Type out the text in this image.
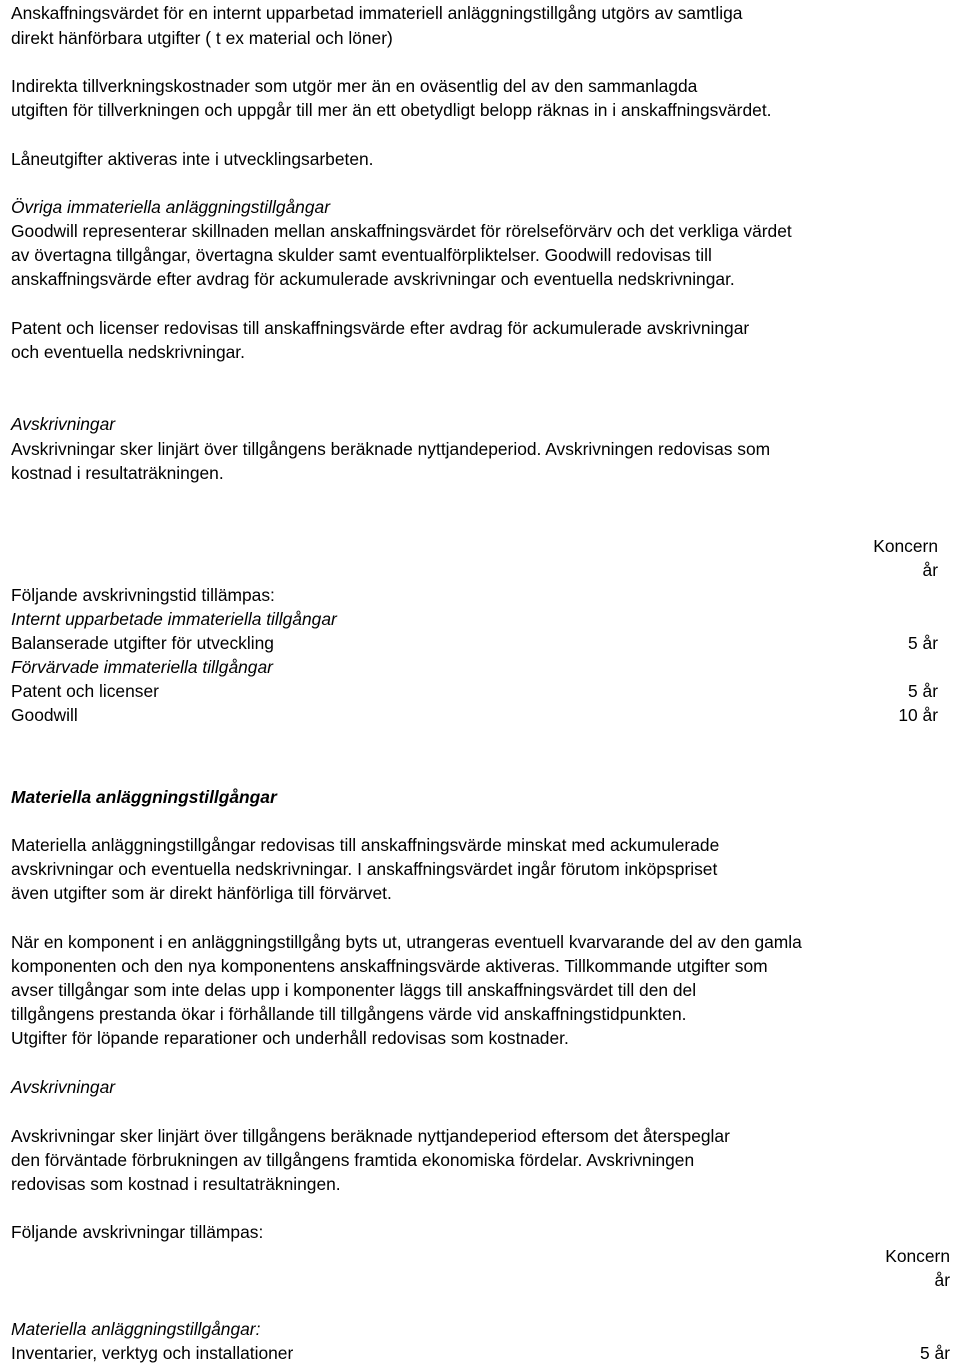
Anskaffningsvärdet för en internt upparbetad immateriell anläggningstillgång utgörs av samtliga
direkt hänförbara utgifter ( t ex material och löner)
Indirekta tillverkningskostnader som utgör mer än en oväsentlig del av den sammanlagda
utgiften för tillverkningen och uppgår till mer än ett obetydligt belopp räknas in i anskaffningsvärdet.
Låneutgifter aktiveras inte i utvecklingsarbeten.
Övriga immateriella anläggningstillgångar
Goodwill representerar skillnaden mellan anskaffningsvärdet för rörelseförvärv och det verkliga värdet
av övertagna tillgångar, övertagna skulder samt eventualförpliktelser. Goodwill redovisas till
anskaffningsvärde efter avdrag för ackumulerade avskrivningar och eventuella nedskrivningar.
Patent och licenser redovisas till anskaffningsvärde efter avdrag för ackumulerade avskrivningar
och eventuella nedskrivningar.
Avskrivningar
Avskrivningar sker linjärt över tillgångens beräknade nyttjandeperiod. Avskrivningen redovisas som
kostnad i resultaträkningen.
Koncern
år
Följande avskrivningstid tillämpas:
Internt upparbetade immateriella tillgångar
Balanserade utgifter för utveckling	5 år
Förvärvade immateriella tillgångar
Patent och licenser	5 år
Goodwill	10 år
Materiella anläggningstillgångar
Materiella anläggningstillgångar redovisas till anskaffningsvärde minskat med ackumulerade
avskrivningar och eventuella nedskrivningar. I anskaffningsvärdet ingår förutom inköpspriset
även utgifter som är direkt hänförliga till förvärvet.
När en komponent i en anläggningstillgång byts ut, utrangeras eventuell kvarvarande del av den gamla
komponenten och den nya komponentens anskaffningsvärde aktiveras. Tillkommande utgifter som
avser tillgångar som inte delas upp i komponenter läggs till anskaffningsvärdet till den del
tillgångens prestanda ökar i förhållande till tillgångens värde vid anskaffningstidpunkten.
Utgifter för löpande reparationer och underhåll redovisas som kostnader.
Avskrivningar
Avskrivningar sker linjärt över tillgångens beräknade nyttjandeperiod eftersom det återspeglar
den förväntade förbrukningen av tillgångens framtida ekonomiska fördelar. Avskrivningen
redovisas som kostnad i resultaträkningen.
Följande avskrivningar tillämpas:
Koncern
år
Materiella anläggningstillgångar:
Inventarier, verktyg och installationer	5 år
